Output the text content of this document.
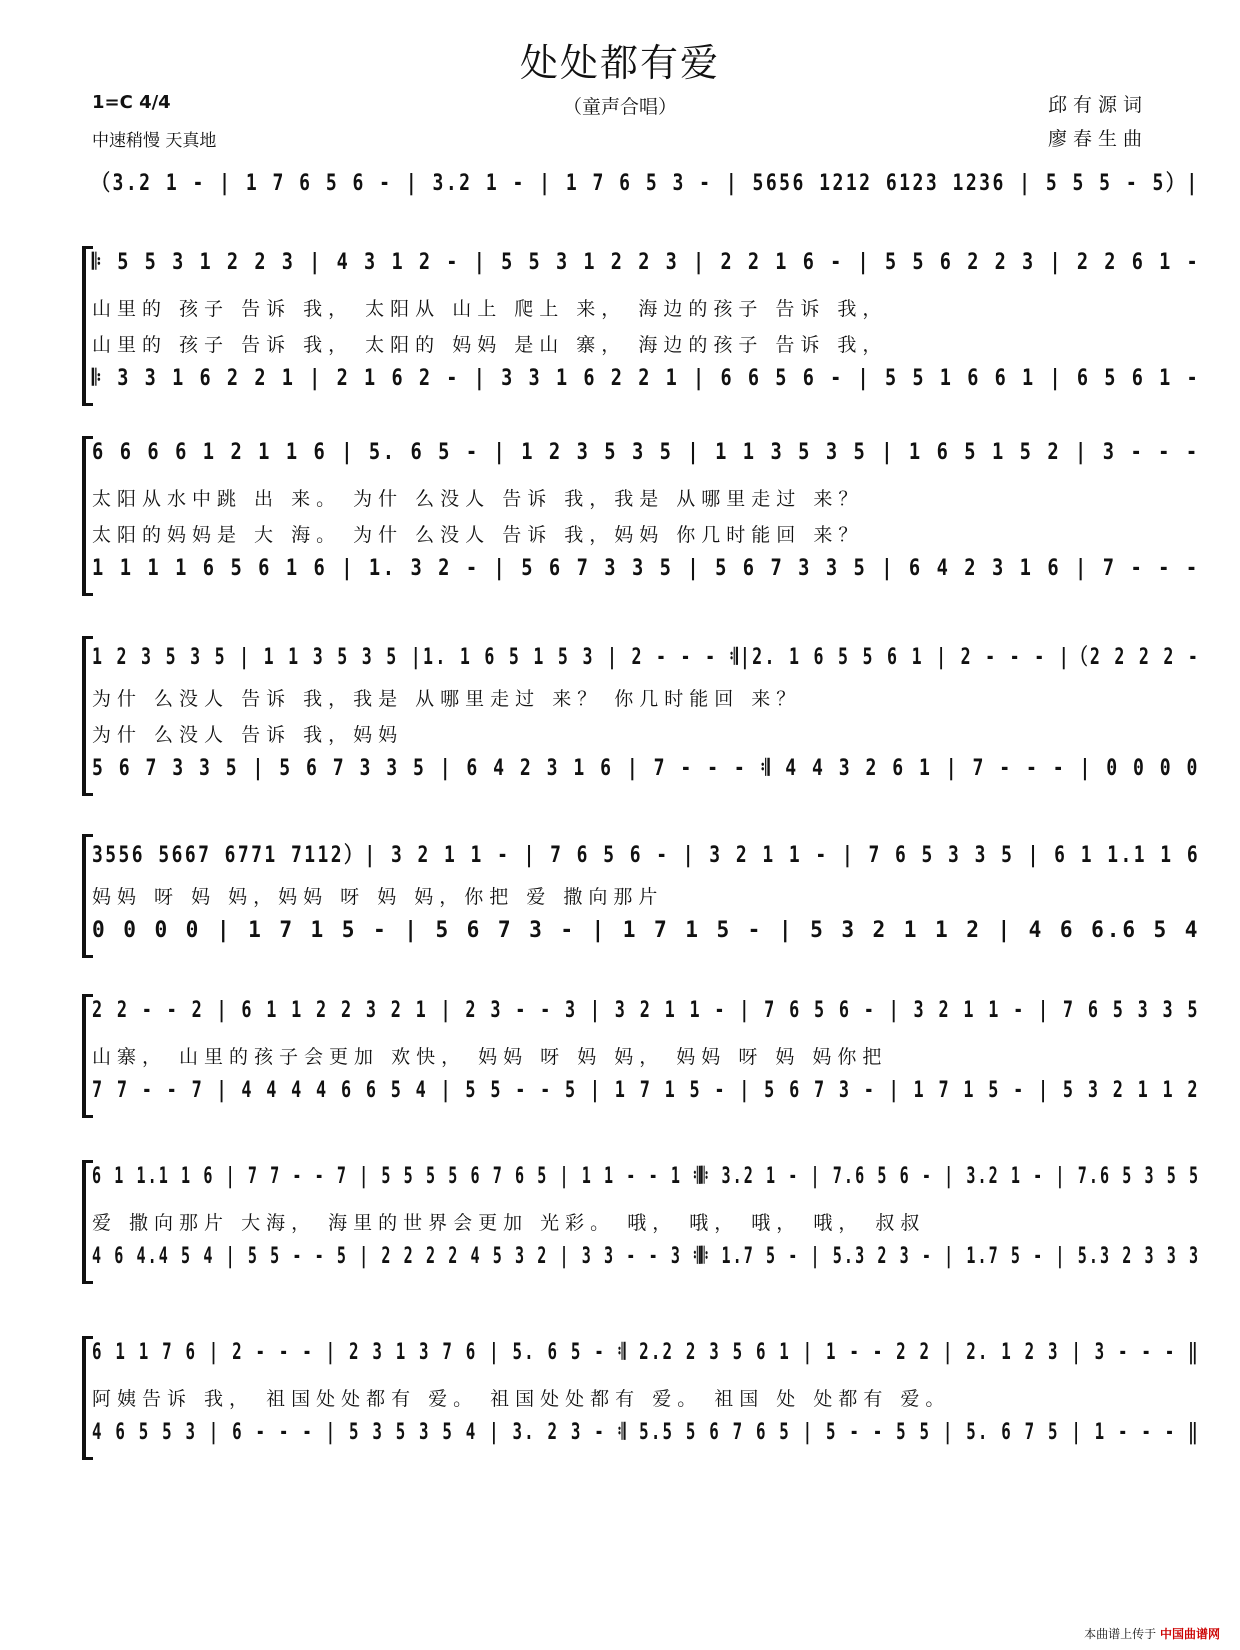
处处都有爱
（童声合唱）
1=C 4/4
中速稍慢 天真地
邱有源词
廖春生曲
（3.2 1 - | 1 7 6 5 6 - | 3.2 1 - | 1 7 6 5 3 - | 5656 1212 6123 1236 | 5 5 5 - 5）|
𝄆 5 5 3 1 2 2 3 | 4 3 1 2 - | 5 5 3 1 2 2 3 | 2 2 1 6 - | 5 5 6 2 2 3 | 2 2 6 1 -
山里的 孩子 告诉 我， 太阳从 山上 爬上 来， 海边的孩子 告诉 我，
山里的 孩子 告诉 我， 太阳的 妈妈 是山 寨， 海边的孩子 告诉 我，
𝄆 3 3 1 6 2 2 1 | 2 1 6 2 - | 3 3 1 6 2 2 1 | 6 6 5 6 - | 5 5 1 6 6 1 | 6 5 6 1 -
6 6 6 6 1 2 1 1 6 | 5. 6 5 - | 1 2 3 5 3 5 | 1 1 3 5 3 5 | 1 6 5 1 5 2 | 3 - - -
太阳从水中跳 出 来。 为什 么没人 告诉 我，我是 从哪里走过 来？
太阳的妈妈是 大 海。 为什 么没人 告诉 我，妈妈 你几时能回 来？
1 1 1 1 6 5 6 1 6 | 1. 3 2 - | 5 6 7 3 3 5 | 5 6 7 3 3 5 | 6 4 2 3 1 6 | 7 - - -
1 2 3 5 3 5 | 1 1 3 5 3 5 |1. 1 6 5 1 5 3 | 2 - - - 𝄇|2. 1 6 5 5 6 1 | 2 - - - |（2 2 2 2 -
为什 么没人 告诉 我，我是 从哪里走过 来？ 你几时能回 来？
为什 么没人 告诉 我，妈妈
5 6 7 3 3 5 | 5 6 7 3 3 5 | 6 4 2 3 1 6 | 7 - - - 𝄇 4 4 3 2 6 1 | 7 - - - | 0 0 0 0
3556 5667 6771 7112）| 3 2 1 1 - | 7 6 5 6 - | 3 2 1 1 - | 7 6 5 3 3 5 | 6 1 1.1 1 6
妈妈 呀 妈 妈，妈妈 呀 妈 妈，你把 爱 撒向那片
0 0 0 0 | 1 7 1 5 - | 5 6 7 3 - | 1 7 1 5 - | 5 3 2 1 1 2 | 4 6 6.6 5 4
2 2 - - 2 | 6 1 1 2 2 3 2 1 | 2 3 - - 3 | 3 2 1 1 - | 7 6 5 6 - | 3 2 1 1 - | 7 6 5 3 3 5
山寨， 山里的孩子会更加 欢快， 妈妈 呀 妈 妈， 妈妈 呀 妈 妈你把
7 7 - - 7 | 4 4 4 4 6 6 5 4 | 5 5 - - 5 | 1 7 1 5 - | 5 6 7 3 - | 1 7 1 5 - | 5 3 2 1 1 2
6 1 1.1 1 6 | 7 7 - - 7 | 5 5 5 5 6 7 6 5 | 1 1 - - 1 𝄇𝄆 3.2 1 - | 7.6 5 6 - | 3.2 1 - | 7.6 5 3 5 5
爱 撒向那片 大海， 海里的世界会更加 光彩。 哦， 哦， 哦， 哦， 叔叔
4 6 4.4 5 4 | 5 5 - - 5 | 2 2 2 2 4 5 3 2 | 3 3 - - 3 𝄇𝄆 1.7 5 - | 5.3 2 3 - | 1.7 5 - | 5.3 2 3 3 3
6 1 1 7 6 | 2 - - - | 2 3 1 3 7 6 | 5. 6 5 - 𝄇 2.2 2 3 5 6 1 | 1 - - 2 2 | 2. 1 2 3 | 3 - - - ‖
阿姨告诉 我， 祖国处处都有 爱。 祖国处处都有 爱。 祖国 处 处都有 爱。
4 6 5 5 3 | 6 - - - | 5 3 5 3 5 4 | 3. 2 3 - 𝄇 5.5 5 6 7 6 5 | 5 - - 5 5 | 5. 6 7 5 | 1 - - - ‖
本曲谱上传于 中国曲谱网
